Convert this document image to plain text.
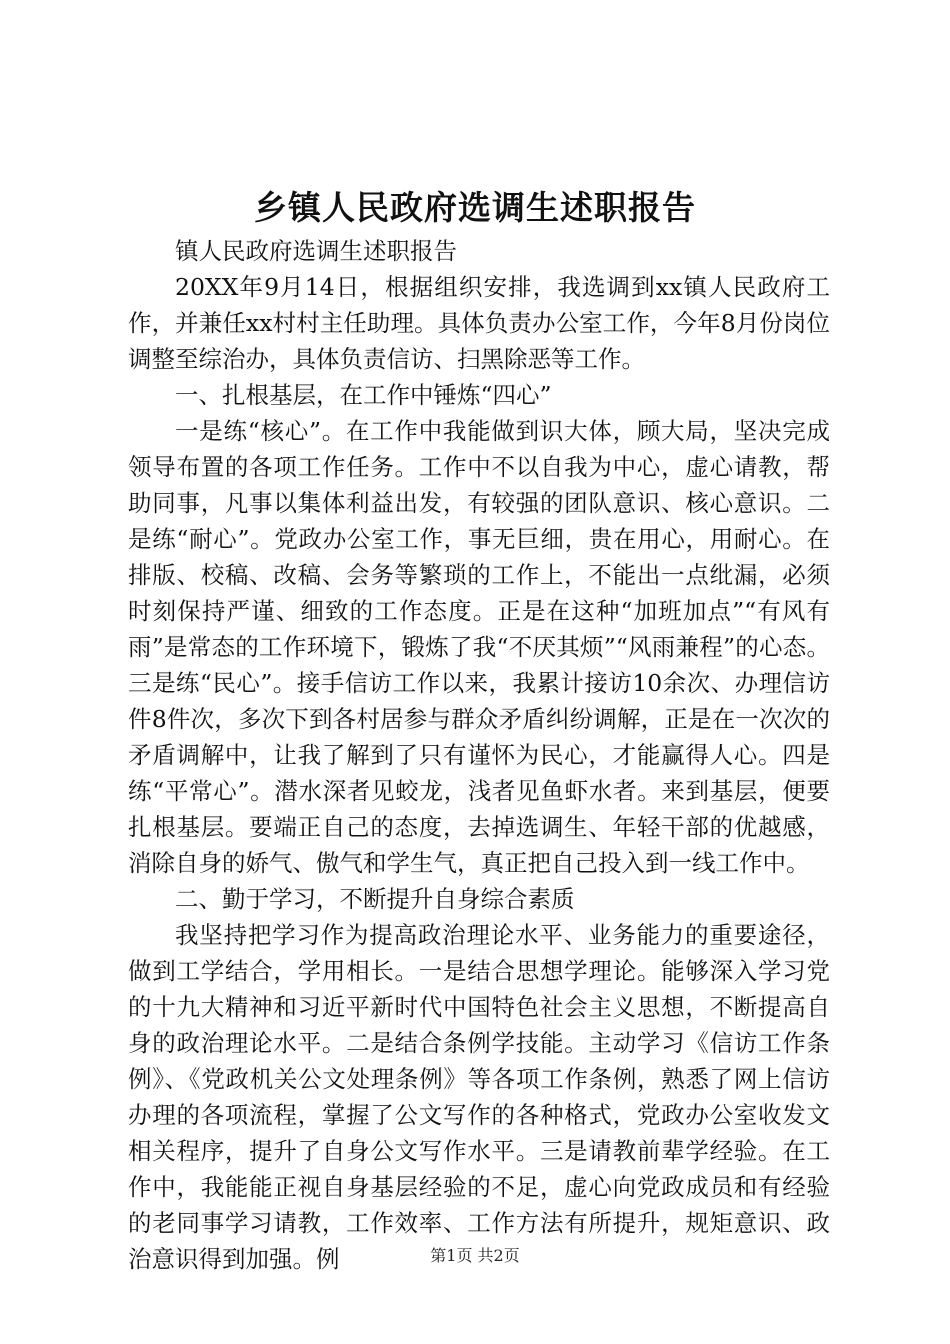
乡镇人民政府选调生述职报告

镇人民政府选调生述职报告

20XX年9月14日，根据组织安排，我选调到xx镇人民政府工作，并兼任xx村村主任助理。具体负责办公室工作，今年8月份岗位调整至综治办，具体负责信访、扫黑除恶等工作。

一、扎根基层，在工作中锤炼“四心”

一是练“核心”。在工作中我能做到识大体，顾大局，坚决完成领导布置的各项工作任务。工作中不以自我为中心，虚心请教，帮助同事，凡事以集体利益出发，有较强的团队意识、核心意识。二是练“耐心”。党政办公室工作，事无巨细，贵在用心，用耐心。在排版、校稿、改稿、会务等繁琐的工作上，不能出一点纰漏，必须时刻保持严谨、细致的工作态度。正是在这种“加班加点”“有风有雨”是常态的工作环境下，锻炼了我“不厌其烦”“风雨兼程”的心态。三是练“民心”。接手信访工作以来，我累计接访10余次、办理信访件8件次，多次下到各村居参与群众矛盾纠纷调解，正是在一次次的矛盾调解中，让我了解到了只有谨怀为民心，才能赢得人心。四是练“平常心”。潜水深者见蛟龙，浅者见鱼虾水者。来到基层，便要扎根基层。要端正自己的态度，去掉选调生、年轻干部的优越感，消除自身的娇气、傲气和学生气，真正把自己投入到一线工作中。

二、勤于学习，不断提升自身综合素质

我坚持把学习作为提高政治理论水平、业务能力的重要途径，做到工学结合，学用相长。一是结合思想学理论。能够深入学习党的十九大精神和习近平新时代中国特色社会主义思想，不断提高自身的政治理论水平。二是结合条例学技能。主动学习《信访工作条例》、《党政机关公文处理条例》等各项工作条例，熟悉了网上信访办理的各项流程，掌握了公文写作的各种格式，党政办公室收发文相关程序，提升了自身公文写作水平。三是请教前辈学经验。在工作中，我能能正视自身基层经验的不足，虚心向党政成员和有经验的老同事学习请教，工作效率、工作方法有所提升，规矩意识、政治意识得到加强。例	第1页 共2页
